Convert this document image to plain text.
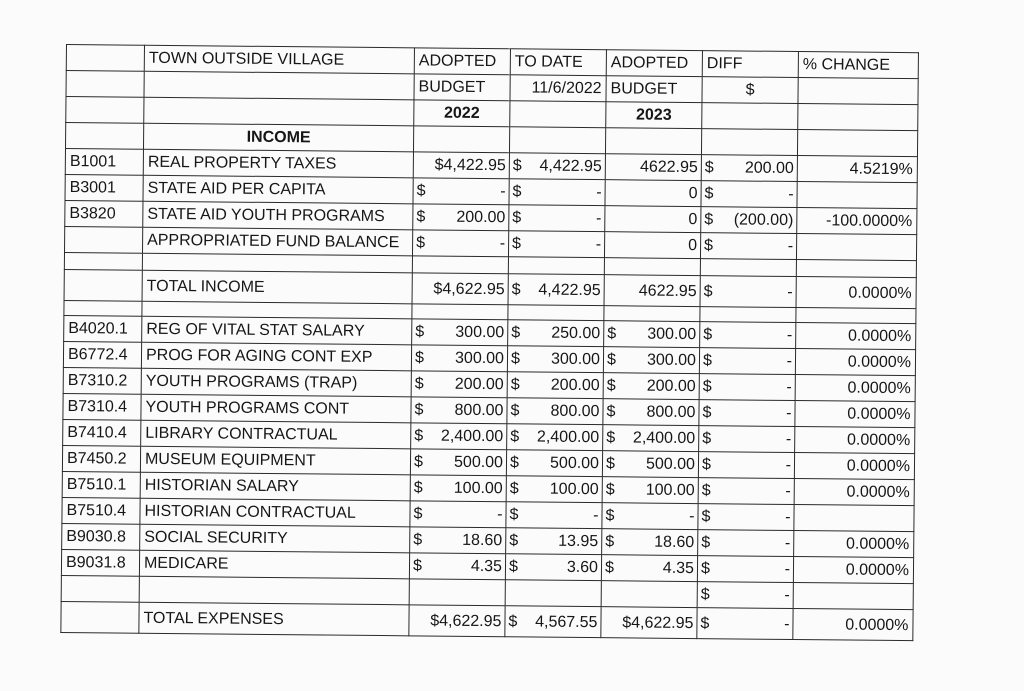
	TOWN OUTSIDE VILLAGE	ADOPTED	TO DATE	ADOPTED	DIFF	% CHANGE
		BUDGET	11/6/2022	BUDGET	$	
		2022		2023		
	INCOME					
B1001	REAL PROPERTY TAXES	$4,422.95	$ 4,422.95	4622.95	$ 200.00	4.5219%
B3001	STATE AID PER CAPITA	$ -	$ -	0	$ -	

B3820	STATE AID YOUTH PROGRAMS	$ 200.00	$ -	0	$ (200.00)	-100.0000%
	APPROPRIATED FUND BALANCE	$ -	$ -	0	$ -	

	TOTAL INCOME	$4,622.95	$ 4,422.95	4622.95	$ -	0.0000%

B4020.1	REG OF VITAL STAT SALARY	$ 300.00	$ 250.00	$ 300.00	$ -	0.0000%
B6772.4	PROG FOR AGING CONT EXP	$ 300.00	$ 300.00	$ 300.00	$ -	0.0000%
B7310.2	YOUTH PROGRAMS (TRAP)	$ 200.00	$ 200.00	$ 200.00	$ -	0.0000%
B7310.4	YOUTH PROGRAMS CONT	$ 800.00	$ 800.00	$ 800.00	$ -	0.0000%
B7410.4	LIBRARY CONTRACTUAL	$ 2,400.00	$ 2,400.00	$ 2,400.00	$ -	0.0000%
B7450.2	MUSEUM EQUIPMENT	$ 500.00	$ 500.00	$ 500.00	$ -	0.0000%
B7510.1	HISTORIAN SALARY	$ 100.00	$ 100.00	$ 100.00	$ -	0.0000%
B7510.4	HISTORIAN CONTRACTUAL	$ -	$ -	$ -	$ -	

B9030.8	SOCIAL SECURITY	$ 18.60	$ 13.95	$ 18.60	$ -	0.0000%
B9031.8	MEDICARE	$ 4.35	$ 3.60	$ 4.35	$ -	0.0000%

					$ -	

	TOTAL EXPENSES	$4,622.95	$ 4,567.55	$4,622.95	$ -	0.0000%
